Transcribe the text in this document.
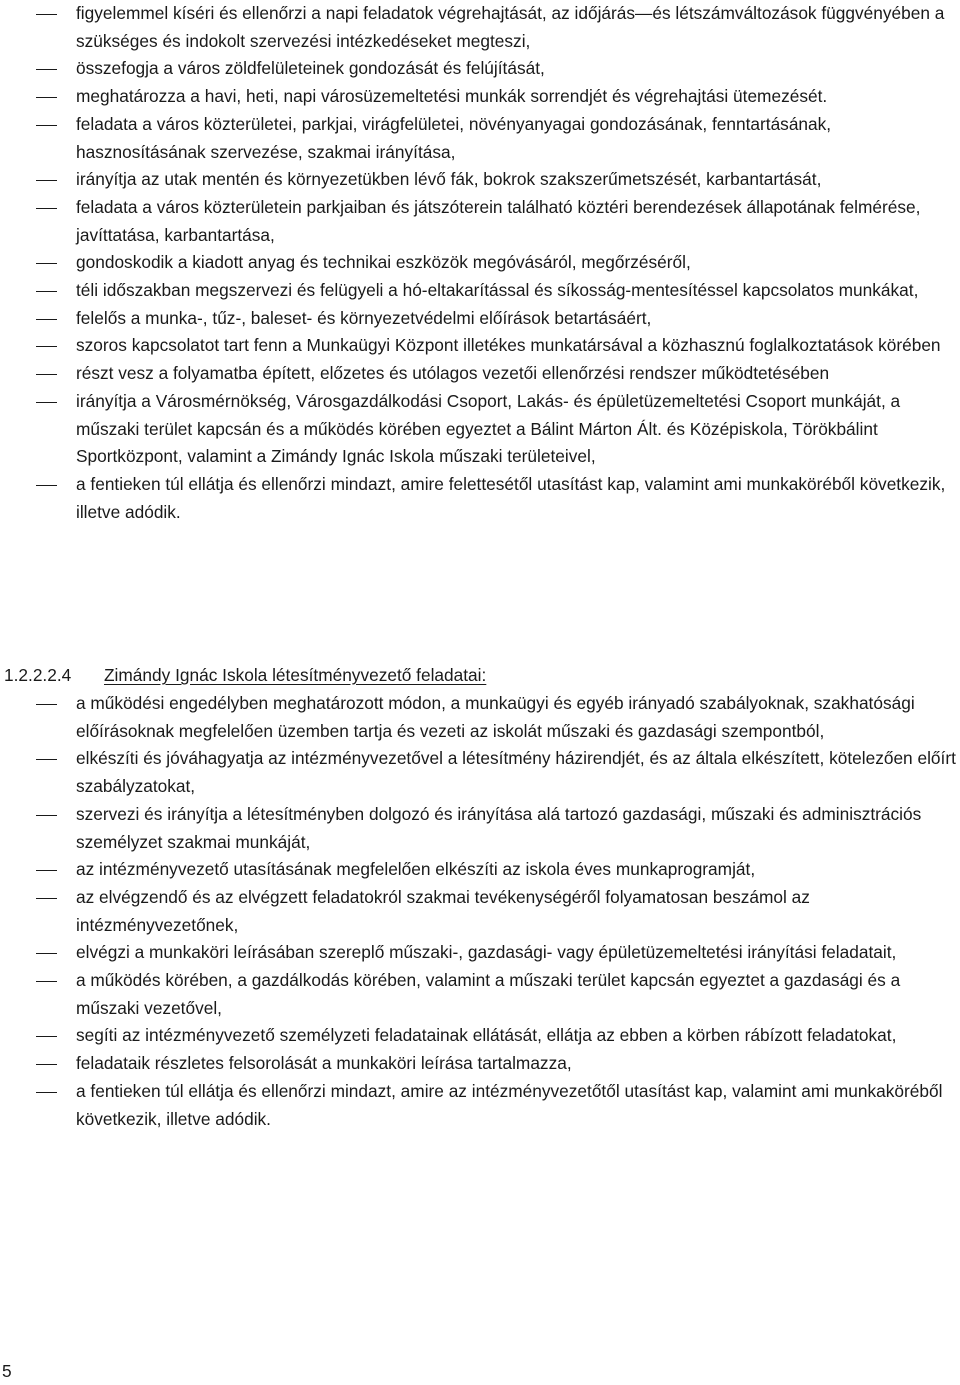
figyelemmel kíséri és ellenőrzi a napi feladatok végrehajtását, az időjárás—és létszámváltozások függvényében a szükséges és indokolt szervezési intézkedéseket megteszi,
összefogja a város zöldfelületeinek gondozását és felújítását,
meghatározza a havi, heti, napi városüzemeltetési munkák sorrendjét és végrehajtási ütemezését.
feladata a város közterületei, parkjai, virágfelületei, növényanyagai gondozásának, fenntartásának, hasznosításának szervezése, szakmai irányítása,
irányítja az utak mentén és környezetükben lévő fák, bokrok szakszerűmetszését, karbantartását,
feladata a város közterületein parkjaiban és játszóterein található köztéri berendezések állapotának felmérése, javíttatása, karbantartása,
gondoskodik a kiadott anyag és technikai eszközök megóvásáról, megőrzéséről,
téli időszakban megszervezi és felügyeli a hó-eltakarítással és síkosság-mentesítéssel kapcsolatos munkákat,
felelős a munka-, tűz-, baleset- és környezetvédelmi előírások betartásáért,
szoros kapcsolatot tart fenn a Munkaügyi Központ illetékes munkatársával a közhasznú foglalkoztatások körében
részt vesz a folyamatba épített, előzetes és utólagos vezetői ellenőrzési rendszer működtetésében
irányítja a Városmérnökség, Városgazdálkodási Csoport, Lakás- és épületüzemeltetési Csoport munkáját, a műszaki terület kapcsán és a működés körében egyeztet a Bálint Márton Ált. és Középiskola, Törökbálint Sportközpont, valamint a Zimándy Ignác Iskola műszaki területeivel,
a fentieken túl ellátja és ellenőrzi mindazt, amire felettesétől utasítást kap, valamint ami munkaköréből következik, illetve adódik.
1.2.2.2.4 Zimándy Ignác Iskola létesítményvezető feladatai:
a működési engedélyben meghatározott módon, a munkaügyi és egyéb irányadó szabályoknak, szakhatósági előírásoknak megfelelően üzemben tartja és vezeti az iskolát műszaki és gazdasági szempontból,
elkészíti és jóváhagyatja az intézményvezetővel a létesítmény házirendjét, és az általa elkészített, kötelezően előírt szabályzatokat,
szervezi és irányítja a létesítményben dolgozó és irányítása alá tartozó gazdasági, műszaki és adminisztrációs személyzet szakmai munkáját,
az intézményvezető utasításának megfelelően elkészíti az iskola éves munkaprogramját,
az elvégzendő és az elvégzett feladatokról szakmai tevékenységéről folyamatosan beszámol az intézményvezetőnek,
elvégzi a munkaköri leírásában szereplő műszaki-, gazdasági- vagy épületüzemeltetési irányítási feladatait,
a működés körében, a gazdálkodás körében, valamint a műszaki terület kapcsán egyeztet a gazdasági és a műszaki vezetővel,
segíti az intézményvezető személyzeti feladatainak ellátását, ellátja az ebben a körben rábízott feladatokat,
feladataik részletes felsorolását a munkaköri leírása tartalmazza,
a fentieken túl ellátja és ellenőrzi mindazt, amire az intézményvezetőtől utasítást kap, valamint ami munkaköréből következik, illetve adódik.
5
